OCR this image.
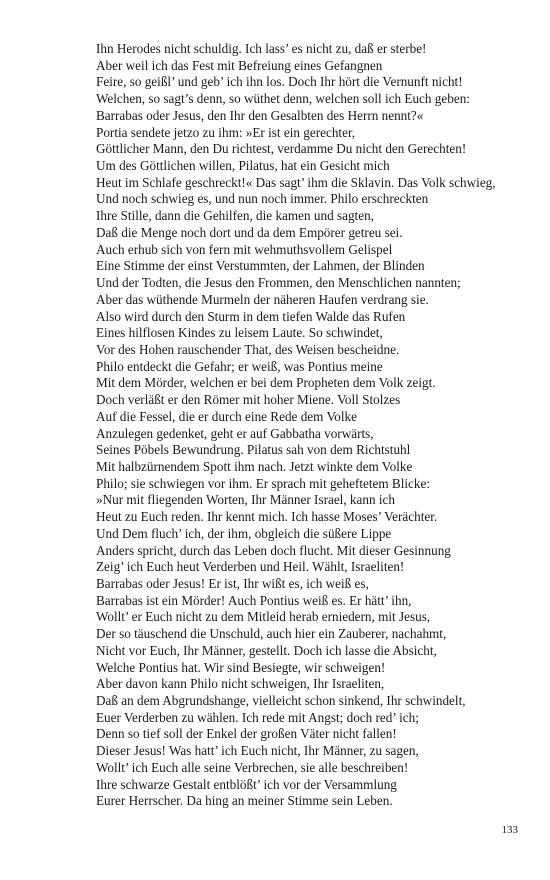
Ihn Herodes nicht schuldig. Ich lass’ es nicht zu, daß er sterbe!
Aber weil ich das Fest mit Befreiung eines Gefangnen
Feire, so geißl’ und geb’ ich ihn los. Doch Ihr hört die Vernunft nicht!
Welchen, so sagt’s denn, so wüthet denn, welchen soll ich Euch geben:
Barrabas oder Jesus, den Ihr den Gesalbten des Herrn nennt?«
Portia sendete jetzo zu ihm: »Er ist ein gerechter,
Göttlicher Mann, den Du richtest, verdamme Du nicht den Gerechten!
Um des Göttlichen willen, Pilatus, hat ein Gesicht mich
Heut im Schlafe geschreckt!« Das sagt’ ihm die Sklavin. Das Volk schwieg,
Und noch schwieg es, und nun noch immer. Philo erschreckten
Ihre Stille, dann die Gehilfen, die kamen und sagten,
Daß die Menge noch dort und da dem Empörer getreu sei.
Auch erhub sich von fern mit wehmuthsvollem Gelispel
Eine Stimme der einst Verstummten, der Lahmen, der Blinden
Und der Todten, die Jesus den Frommen, den Menschlichen nannten;
Aber das wüthende Murmeln der näheren Haufen verdrang sie.
Also wird durch den Sturm in dem tiefen Walde das Rufen
Eines hilflosen Kindes zu leisem Laute. So schwindet,
Vor des Hohen rauschender That, des Weisen bescheidne.
Philo entdeckt die Gefahr; er weiß, was Pontius meine
Mit dem Mörder, welchen er bei dem Propheten dem Volk zeigt.
Doch verläßt er den Römer mit hoher Miene. Voll Stolzes
Auf die Fessel, die er durch eine Rede dem Volke
Anzulegen gedenket, geht er auf Gabbatha vorwärts,
Seines Pöbels Bewundrung. Pilatus sah von dem Richtstuhl
Mit halbzürnendem Spott ihm nach. Jetzt winkte dem Volke
Philo; sie schwiegen vor ihm. Er sprach mit geheftetem Blicke:
»Nur mit fliegenden Worten, Ihr Männer Israel, kann ich
Heut zu Euch reden. Ihr kennt mich. Ich hasse Moses’ Verächter.
Und Dem fluch’ ich, der ihm, obgleich die süßere Lippe
Anders spricht, durch das Leben doch flucht. Mit dieser Gesinnung
Zeig’ ich Euch heut Verderben und Heil. Wählt, Israeliten!
Barrabas oder Jesus! Er ist, Ihr wißt es, ich weiß es,
Barrabas ist ein Mörder! Auch Pontius weiß es. Er hätt’ ihn,
Wollt’ er Euch nicht zu dem Mitleid herab erniedern, mit Jesus,
Der so täuschend die Unschuld, auch hier ein Zauberer, nachahmt,
Nicht vor Euch, Ihr Männer, gestellt. Doch ich lasse die Absicht,
Welche Pontius hat. Wir sind Besiegte, wir schweigen!
Aber davon kann Philo nicht schweigen, Ihr Israeliten,
Daß an dem Abgrundshange, vielleicht schon sinkend, Ihr schwindelt,
Euer Verderben zu wählen. Ich rede mit Angst; doch red’ ich;
Denn so tief soll der Enkel der großen Väter nicht fallen!
Dieser Jesus! Was hatt’ ich Euch nicht, Ihr Männer, zu sagen,
Wollt’ ich Euch alle seine Verbrechen, sie alle beschreiben!
Ihre schwarze Gestalt entblößt’ ich vor der Versammlung
Eurer Herrscher. Da hing an meiner Stimme sein Leben.
133
